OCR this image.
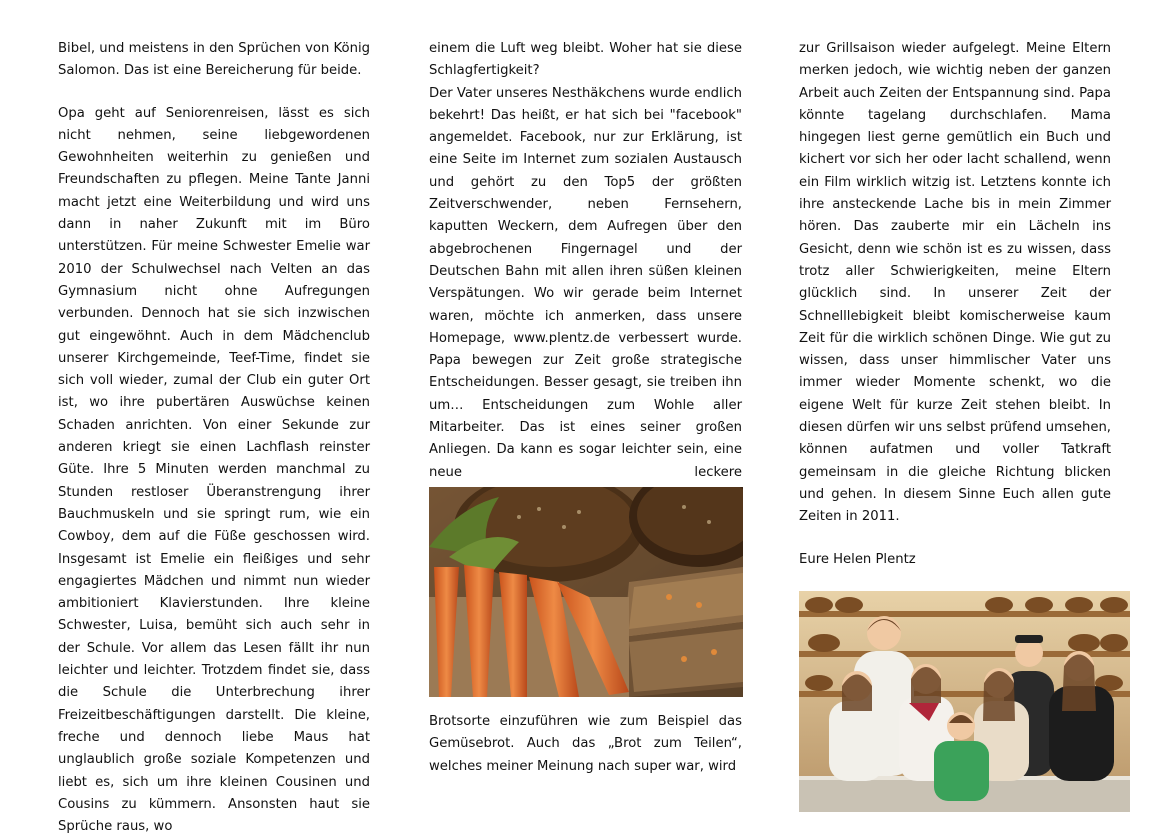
Bibel, und meistens in den Sprüchen von König Salomon. Das ist eine Bereicherung für beide.

Opa geht auf Seniorenreisen, lässt es sich nicht nehmen, seine liebgewordenen Gewohnheiten weiterhin zu genießen und Freundschaften zu pflegen. Meine Tante Janni macht jetzt eine Weiterbildung und wird uns dann in naher Zukunft mit im Büro unterstützen. Für meine Schwester Emelie war 2010 der Schulwechsel nach Velten an das Gymnasium nicht ohne Aufregungen verbunden. Dennoch hat sie sich inzwischen gut eingewöhnt. Auch in dem Mädchenclub unserer Kirchgemeinde, Teef-Time, findet sie sich voll wieder, zumal der Club ein guter Ort ist, wo ihre pubertären Auswüchse keinen Schaden anrichten. Von einer Sekunde zur anderen kriegt sie einen Lachflash reinster Güte. Ihre 5 Minuten werden manchmal zu Stunden restloser Überanstrengung ihrer Bauchmuskeln und sie springt rum, wie ein Cowboy, dem auf die Füße geschossen wird. Insgesamt ist Emelie ein fleißiges und sehr engagiertes Mädchen und nimmt nun wieder ambitioniert Klavierstunden. Ihre kleine Schwester, Luisa, bemüht sich auch sehr in der Schule. Vor allem das Lesen fällt ihr nun leichter und leichter. Trotzdem findet sie, dass die Schule die Unterbrechung ihrer Freizeitbeschäftigungen darstellt. Die kleine, freche und dennoch liebe Maus hat unglaublich große soziale Kompetenzen und liebt es, sich um ihre kleinen Cousinen und Cousins zu kümmern. Ansonsten haut sie Sprüche raus, wo

einem die Luft weg bleibt. Woher hat sie diese Schlagfertigkeit?

Der Vater unseres Nesthäkchens wurde endlich bekehrt! Das heißt, er hat sich bei "facebook" angemeldet. Facebook, nur zur Erklärung, ist eine Seite im Internet zum sozialen Austausch und gehört zu den Top5 der größten Zeitverschwender, neben Fernsehern, kaputten Weckern, dem Aufregen über den abgebrochenen Fingernagel und der Deutschen Bahn mit allen ihren süßen kleinen Verspätungen. Wo wir gerade beim Internet waren, möchte ich anmerken, dass unsere Homepage, www.plentz.de verbessert wurde. Papa bewegen zur Zeit große strategische Entscheidungen. Besser gesagt, sie treiben ihn um… Entscheidungen zum Wohle aller Mitarbeiter. Das ist eines seiner großen Anliegen. Da kann es sogar leichter sein, eine neue leckere

Brotsorte einzuführen wie zum Beispiel das Gemüsebrot. Auch das „Brot zum Teilen“, welches meiner Meinung nach super war, wird

zur Grillsaison wieder aufgelegt. Meine Eltern merken jedoch, wie wichtig neben der ganzen Arbeit auch Zeiten der Entspannung sind. Papa könnte tagelang durchschlafen. Mama hingegen liest gerne gemütlich ein Buch und kichert vor sich her oder lacht schallend, wenn ein Film wirklich witzig ist. Letztens konnte ich ihre ansteckende Lache bis in mein Zimmer hören. Das zauberte mir ein Lächeln ins Gesicht, denn wie schön ist es zu wissen, dass trotz aller Schwierigkeiten, meine Eltern glücklich sind. In unserer Zeit der Schnelllebigkeit bleibt komischerweise kaum Zeit für die wirklich schönen Dinge. Wie gut zu wissen, dass unser himmlischer Vater uns immer wieder Momente schenkt, wo die eigene Welt für kurze Zeit stehen bleibt. In diesen dürfen wir uns selbst prüfend umsehen, können aufatmen und voller Tatkraft gemeinsam in die gleiche Richtung blicken und gehen. In diesem Sinne Euch allen gute Zeiten in 2011.

Eure Helen Plentz
